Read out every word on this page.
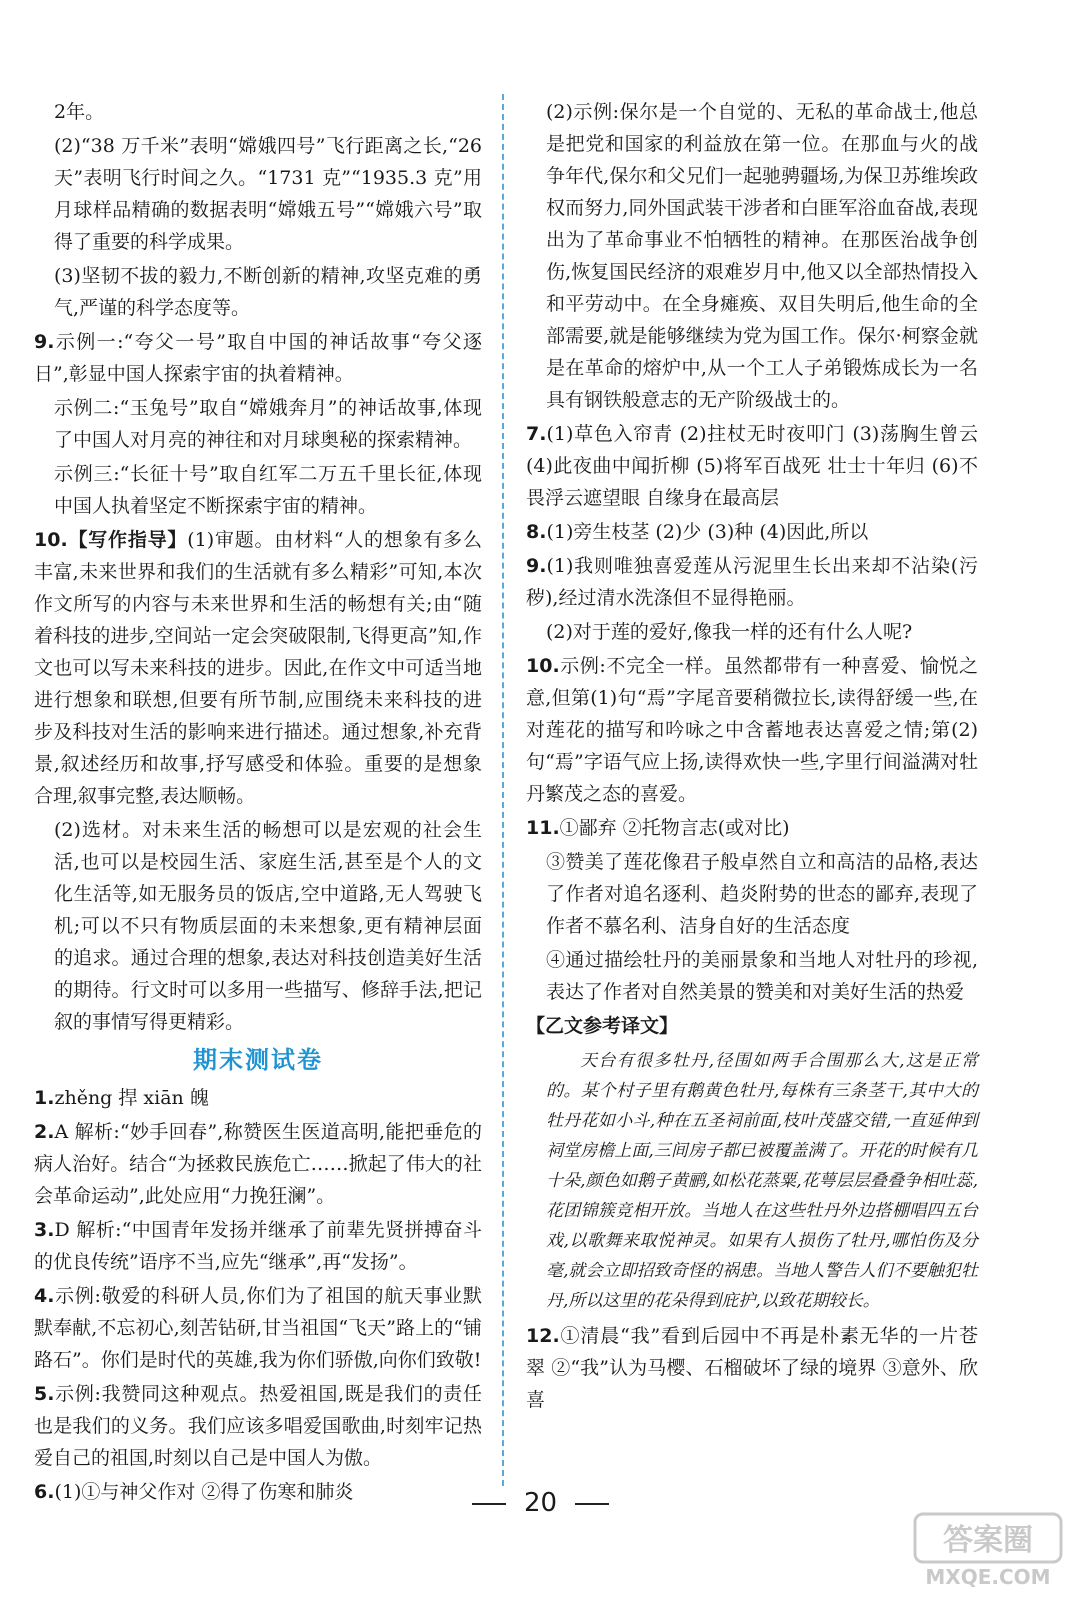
2年。
(2)“38 万千米”表明“嫦娥四号”飞行距离之长,“26天”表明飞行时间之久。“1731 克”“1935.3 克”用月球样品精确的数据表明“嫦娥五号”“嫦娥六号”取得了重要的科学成果。
(3)坚韧不拔的毅力,不断创新的精神,攻坚克难的勇气,严谨的科学态度等。
9.示例一:“夸父一号”取自中国的神话故事“夸父逐日”,彰显中国人探索宇宙的执着精神。
示例二:“玉兔号”取自“嫦娥奔月”的神话故事,体现了中国人对月亮的神往和对月球奥秘的探索精神。
示例三:“长征十号”取自红军二万五千里长征,体现中国人执着坚定不断探索宇宙的精神。
10.【写作指导】(1)审题。由材料“人的想象有多么丰富,未来世界和我们的生活就有多么精彩”可知,本次作文所写的内容与未来世界和生活的畅想有关;由“随着科技的进步,空间站一定会突破限制,飞得更高”知,作文也可以写未来科技的进步。因此,在作文中可适当地进行想象和联想,但要有所节制,应围绕未来科技的进步及科技对生活的影响来进行描述。通过想象,补充背景,叙述经历和故事,抒写感受和体验。重要的是想象合理,叙事完整,表达顺畅。
(2)选材。对未来生活的畅想可以是宏观的社会生活,也可以是校园生活、家庭生活,甚至是个人的文化生活等,如无服务员的饭店,空中道路,无人驾驶飞机;可以不只有物质层面的未来想象,更有精神层面的追求。通过合理的想象,表达对科技创造美好生活的期待。行文时可以多用一些描写、修辞手法,把记叙的事情写得更精彩。
期末测试卷
1.zhěng 捍 xiān 魄
2.A 解析:“妙手回春”,称赞医生医道高明,能把垂危的病人治好。结合“为拯救民族危亡……掀起了伟大的社会革命运动”,此处应用“力挽狂澜”。
3.D 解析:“中国青年发扬并继承了前辈先贤拼搏奋斗的优良传统”语序不当,应先“继承”,再“发扬”。
4.示例:敬爱的科研人员,你们为了祖国的航天事业默默奉献,不忘初心,刻苦钻研,甘当祖国“飞天”路上的“铺路石”。你们是时代的英雄,我为你们骄傲,向你们致敬!
5.示例:我赞同这种观点。热爱祖国,既是我们的责任也是我们的义务。我们应该多唱爱国歌曲,时刻牢记热爱自己的祖国,时刻以自己是中国人为傲。
6.(1)①与神父作对 ②得了伤寒和肺炎
(2)示例:保尔是一个自觉的、无私的革命战士,他总是把党和国家的利益放在第一位。在那血与火的战争年代,保尔和父兄们一起驰骋疆场,为保卫苏维埃政权而努力,同外国武装干涉者和白匪军浴血奋战,表现出为了革命事业不怕牺牲的精神。在那医治战争创伤,恢复国民经济的艰难岁月中,他又以全部热情投入和平劳动中。在全身瘫痪、双目失明后,他生命的全部需要,就是能够继续为党为国工作。保尔·柯察金就是在革命的熔炉中,从一个工人子弟锻炼成长为一名具有钢铁般意志的无产阶级战士的。
7.(1)草色入帘青 (2)拄杖无时夜叩门 (3)荡胸生曾云 (4)此夜曲中闻折柳 (5)将军百战死 壮士十年归 (6)不畏浮云遮望眼 自缘身在最高层
8.(1)旁生枝茎 (2)少 (3)种 (4)因此,所以
9.(1)我则唯独喜爱莲从污泥里生长出来却不沾染(污秽),经过清水洗涤但不显得艳丽。
(2)对于莲的爱好,像我一样的还有什么人呢?
10.示例:不完全一样。虽然都带有一种喜爱、愉悦之意,但第(1)句“焉”字尾音要稍微拉长,读得舒缓一些,在对莲花的描写和吟咏之中含蓄地表达喜爱之情;第(2)句“焉”字语气应上扬,读得欢快一些,字里行间溢满对牡丹繁茂之态的喜爱。
11.①鄙弃 ②托物言志(或对比)
③赞美了莲花像君子般卓然自立和高洁的品格,表达了作者对追名逐利、趋炎附势的世态的鄙弃,表现了作者不慕名利、洁身自好的生活态度
④通过描绘牡丹的美丽景象和当地人对牡丹的珍视,表达了作者对自然美景的赞美和对美好生活的热爱
【乙文参考译文】
天台有很多牡丹,径围如两手合围那么大,这是正常的。某个村子里有鹅黄色牡丹,每株有三条茎干,其中大的牡丹花如小斗,种在五圣祠前面,枝叶茂盛交错,一直延伸到祠堂房檐上面,三间房子都已被覆盖满了。开花的时候有几十朵,颜色如鹅子黄鹂,如松花蒸粟,花萼层层叠叠争相吐蕊,花团锦簇竞相开放。当地人在这些牡丹外边搭棚唱四五台戏,以歌舞来取悦神灵。如果有人损伤了牡丹,哪怕伤及分毫,就会立即招致奇怪的祸患。当地人警告人们不要触犯牡丹,所以这里的花朵得到庇护,以致花期较长。
12.①清晨“我”看到后园中不再是朴素无华的一片苍翠 ②“我”认为马樱、石榴破坏了绿的境界 ③意外、欣喜
20
答案圈
MXQE.COM
